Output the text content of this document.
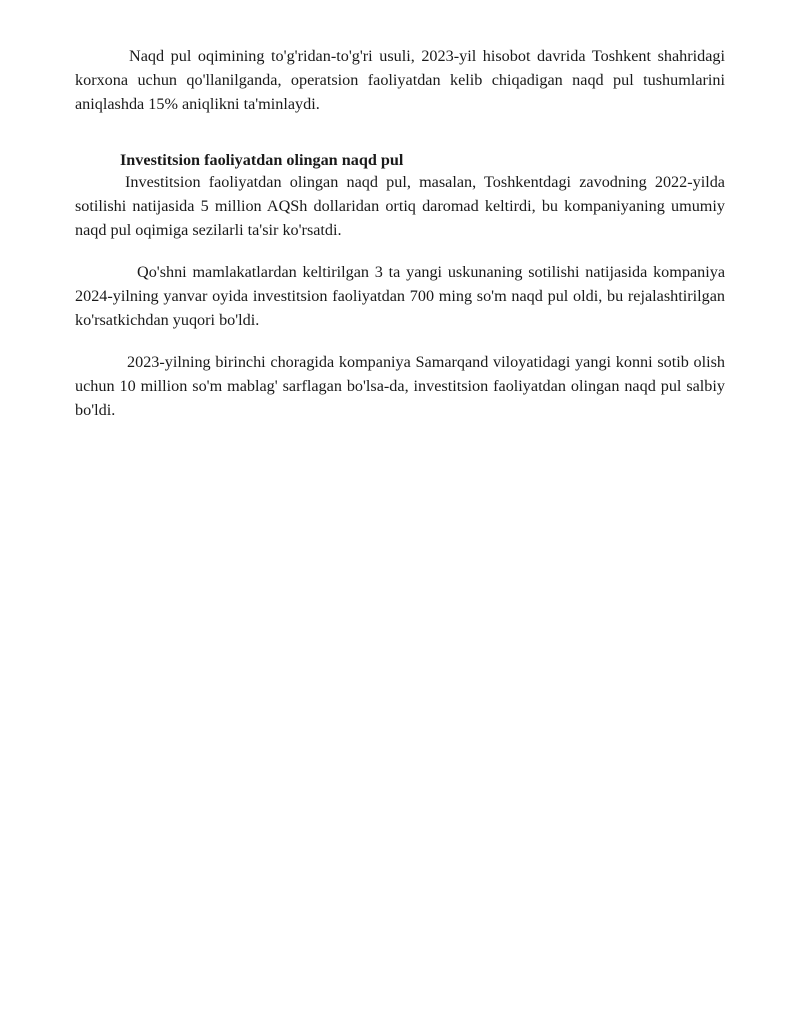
Naqd pul oqimining to'g'ridan-to'g'ri usuli, 2023-yil hisobot davrida Toshkent shahridagi korxona uchun qo'llanilganda, operatsion faoliyatdan kelib chiqadigan naqd pul tushumlarini aniqlashda 15% aniqlikni ta'minlaydi.

Investitsion faoliyatdan olingan naqd pul

Investitsion faoliyatdan olingan naqd pul, masalan, Toshkentdagi zavodning 2022-yilda sotilishi natijasida 5 million AQSh dollaridan ortiq daromad keltirdi, bu kompaniyaning umumiy naqd pul oqimiga sezilarli ta'sir ko'rsatdi.

Qo'shni mamlakatlardan keltirilgan 3 ta yangi uskunaning sotilishi natijasida kompaniya 2024-yilning yanvar oyida investitsion faoliyatdan 700 ming so'm naqd pul oldi, bu rejalashtirilgan ko'rsatkichdan yuqori bo'ldi.

2023-yilning birinchi choragida kompaniya Samarqand viloyatidagi yangi konni sotib olish uchun 10 million so'm mablag' sarflagan bo'lsa-da, investitsion faoliyatdan olingan naqd pul salbiy bo'ldi.
